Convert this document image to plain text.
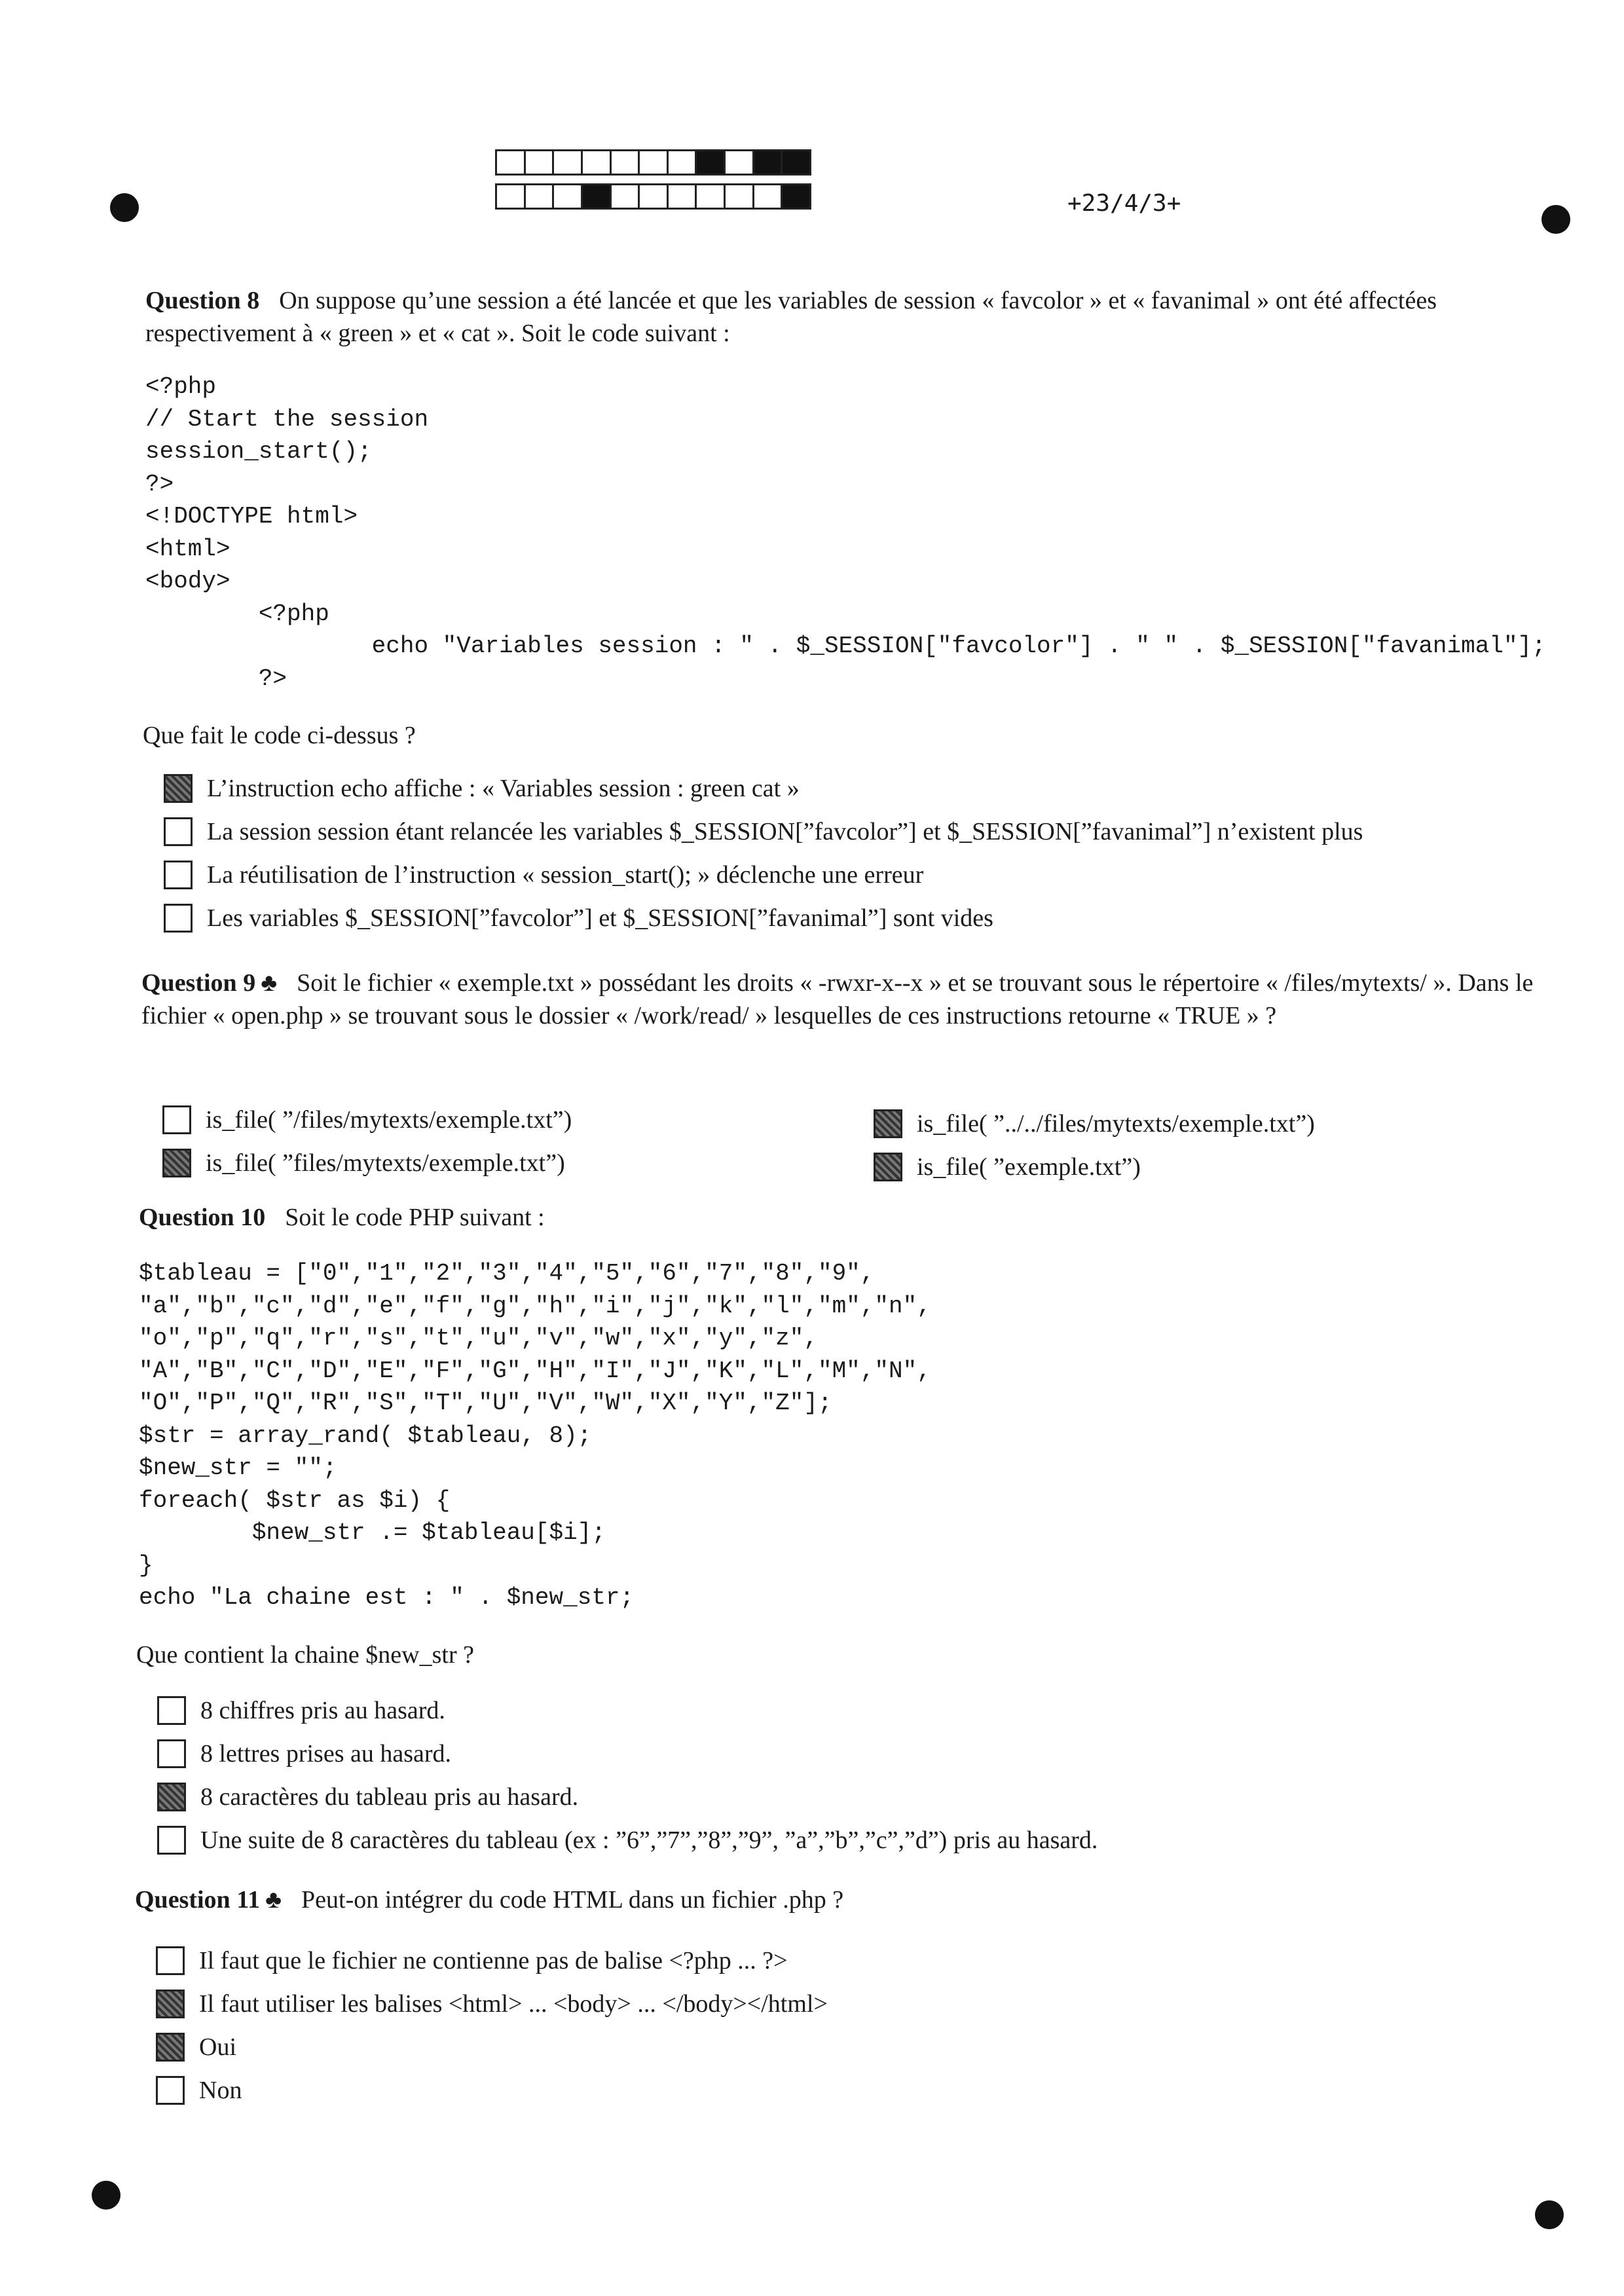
+23/4/3+
Question 8 On suppose qu’une session a été lancée et que les variables de session « favcolor » et « favanimal » ont été affectées respectivement à « green » et « cat ». Soit le code suivant :
<?php
// Start the session
session_start();
?>
<!DOCTYPE html>
<html>
<body>
<?php
echo "Variables session : " . $_SESSION["favcolor"] . " " . $_SESSION["favanimal"];
?>
Que fait le code ci-dessus ?
L’instruction echo affiche : « Variables session : green cat »
La session session étant relancée les variables $_SESSION[”favcolor”] et $_SESSION[”favanimal”] n’existent plus
La réutilisation de l’instruction « session_start(); » déclenche une erreur
Les variables $_SESSION[”favcolor”] et $_SESSION[”favanimal”] sont vides
Question 9 ♣ Soit le fichier « exemple.txt » possédant les droits « -rwxr-x--x » et se trouvant sous le répertoire « /files/mytexts/ ». Dans le fichier « open.php » se trouvant sous le dossier « /work/read/ » lesquelles de ces instructions retourne « TRUE » ?
is_file( ”/files/mytexts/exemple.txt”)
is_file( ”files/mytexts/exemple.txt”)
is_file( ”../../files/mytexts/exemple.txt”)
is_file( ”exemple.txt”)
Question 10 Soit le code PHP suivant :
$tableau = ["0","1","2","3","4","5","6","7","8","9",
"a","b","c","d","e","f","g","h","i","j","k","l","m","n",
"o","p","q","r","s","t","u","v","w","x","y","z",
"A","B","C","D","E","F","G","H","I","J","K","L","M","N",
"O","P","Q","R","S","T","U","V","W","X","Y","Z"];
$str = array_rand( $tableau, 8);
$new_str = "";
foreach( $str as $i) {
$new_str .= $tableau[$i];
}
echo "La chaine est : " . $new_str;
Que contient la chaine $new_str ?
8 chiffres pris au hasard.
8 lettres prises au hasard.
8 caractères du tableau pris au hasard.
Une suite de 8 caractères du tableau (ex : ”6”,”7”,”8”,”9”, ”a”,”b”,”c”,”d”) pris au hasard.
Question 11 ♣ Peut-on intégrer du code HTML dans un fichier .php ?
Il faut que le fichier ne contienne pas de balise <?php ... ?>
Il faut utiliser les balises <html> ... <body> ... </body></html>
Oui
Non
